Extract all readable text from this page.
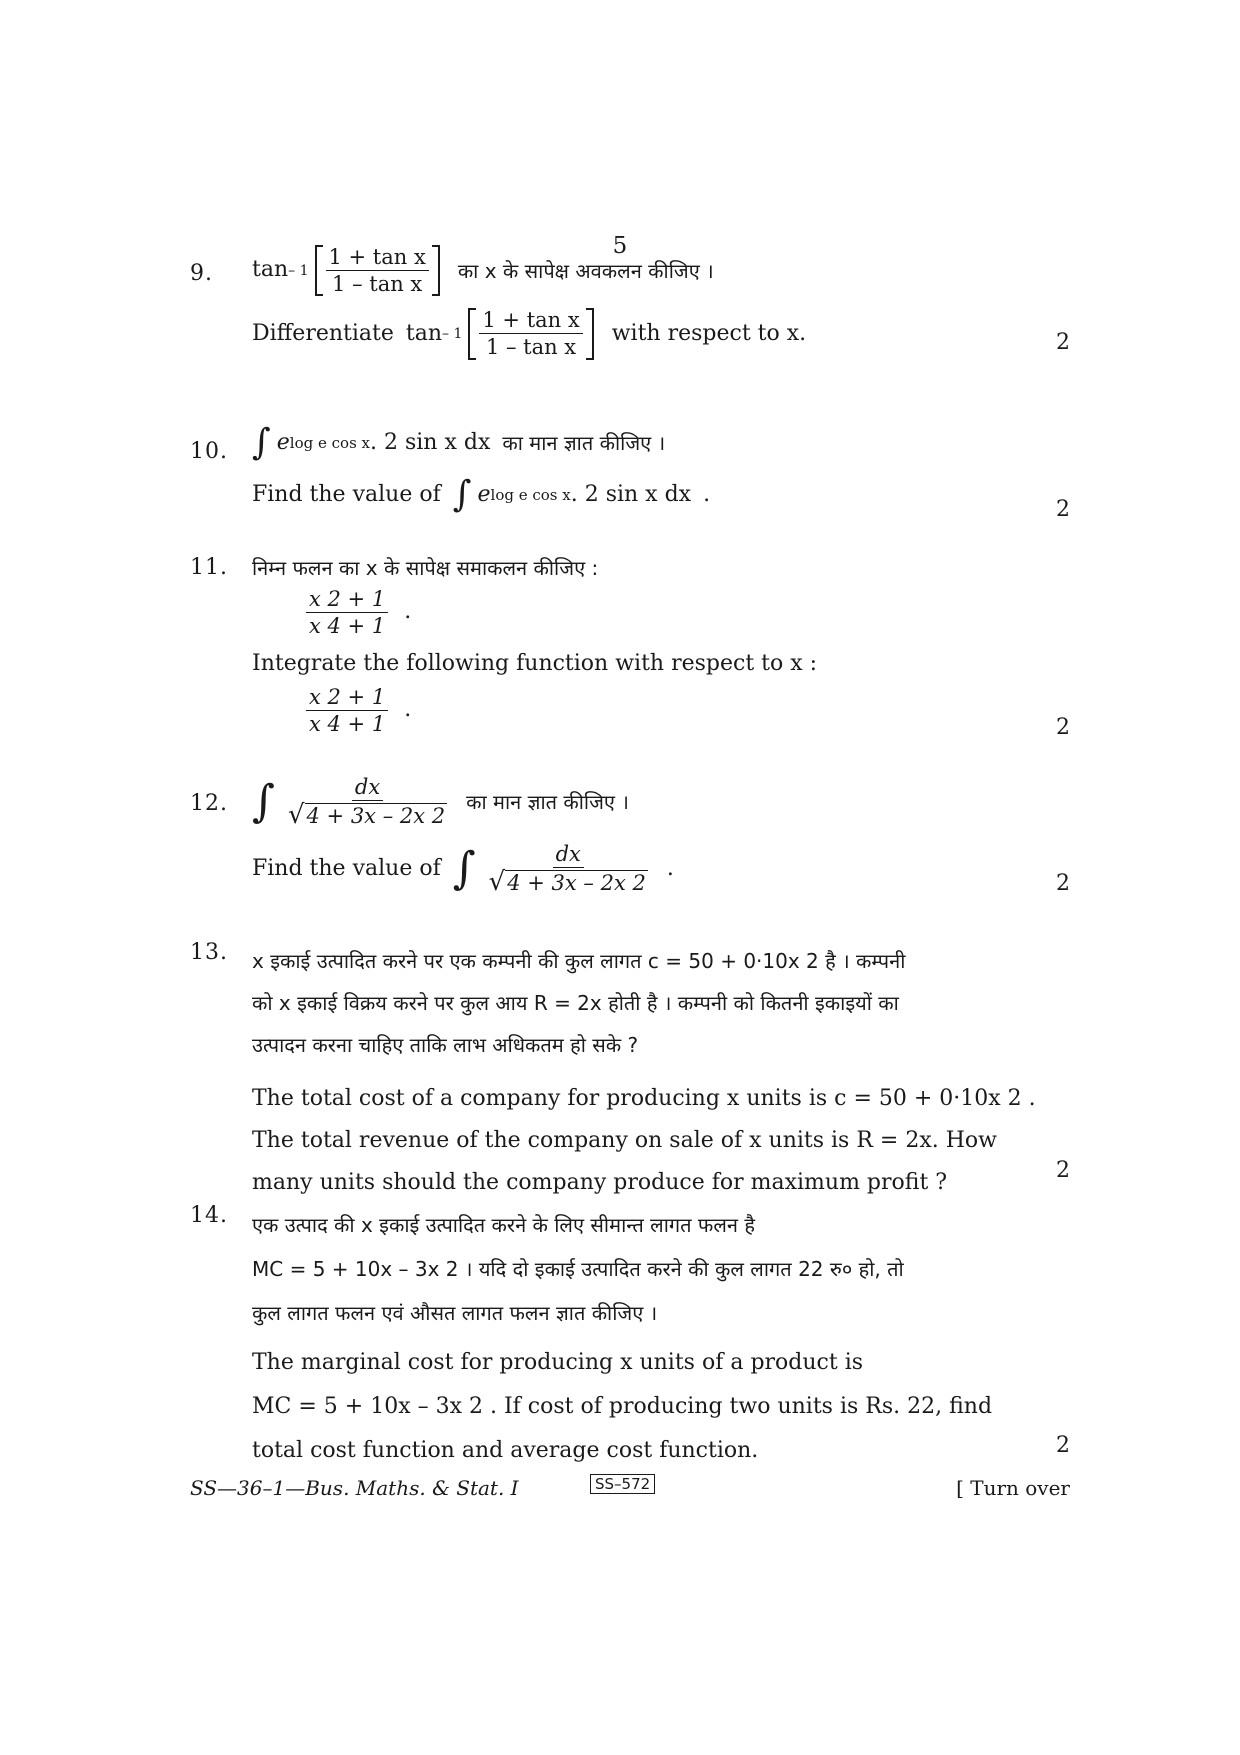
5
9. tan – $1 \frac{\text{1 + tan x}}{\text{1 – tan x}}$ का x के सापेक्ष अवकलन कीजिए ।
Differentiate tan – $1 \frac{\text{1 + tan x}}{\text{1 – tan x}}$ with respect to x.	2
10. ∫ e log e cos x . 2 sin x dx का मान ज्ञात कीजिए ।
Find the value of ∫ e log e cos x . 2 sin x dx .
2
11. निम्न फलन का x के सापेक्ष समाकलन कीजिए :
$\frac{x 2 + 1}{x 4 + 1}$ .
Integrate the following function with respect to x :
$\frac{x 2 + 1}{x 4 + 1}$ .
2
12. ∫ $\frac{dx}{√ 4 + 3x - 2x 2}$ का मान ज्ञात कीजिए ।
Find the value of ∫ $\frac{dx}{√ 4 + 3x - 2x 2}$ .
2
13. x इकाई उत्पादित करने पर एक कम्पनी की कुल लागत c = 50 + 0·10x 2 है । कम्पनी
को x इकाई विक्रय करने पर कुल आय R = 2x होती है । कम्पनी को कितनी इकाइयों का
उत्पादन करना चाहिए ताकि लाभ अधिकतम हो सके ?
The total cost of a company for producing x units is c = 50 + 0·10x 2 .
The total revenue of the company on sale of x units is R = 2x. How
many units should the company produce for maximum profit ?	2
14. एक उत्पाद की x इकाई उत्पादित करने के लिए सीमान्त लागत फलन है
MC = 5 + 10x – 3x 2 । यदि दो इकाई उत्पादित करने की कुल लागत 22 रु० हो, तो
कुल लागत फलन एवं औसत लागत फलन ज्ञात कीजिए ।
The marginal cost for producing x units of a product is
MC = 5 + 10x – 3x 2 . If cost of producing two units is Rs. 22, find
total cost function and average cost function.	2
SS—36–1—Bus. Maths. & Stat. I	SS–572	[ Turn over
